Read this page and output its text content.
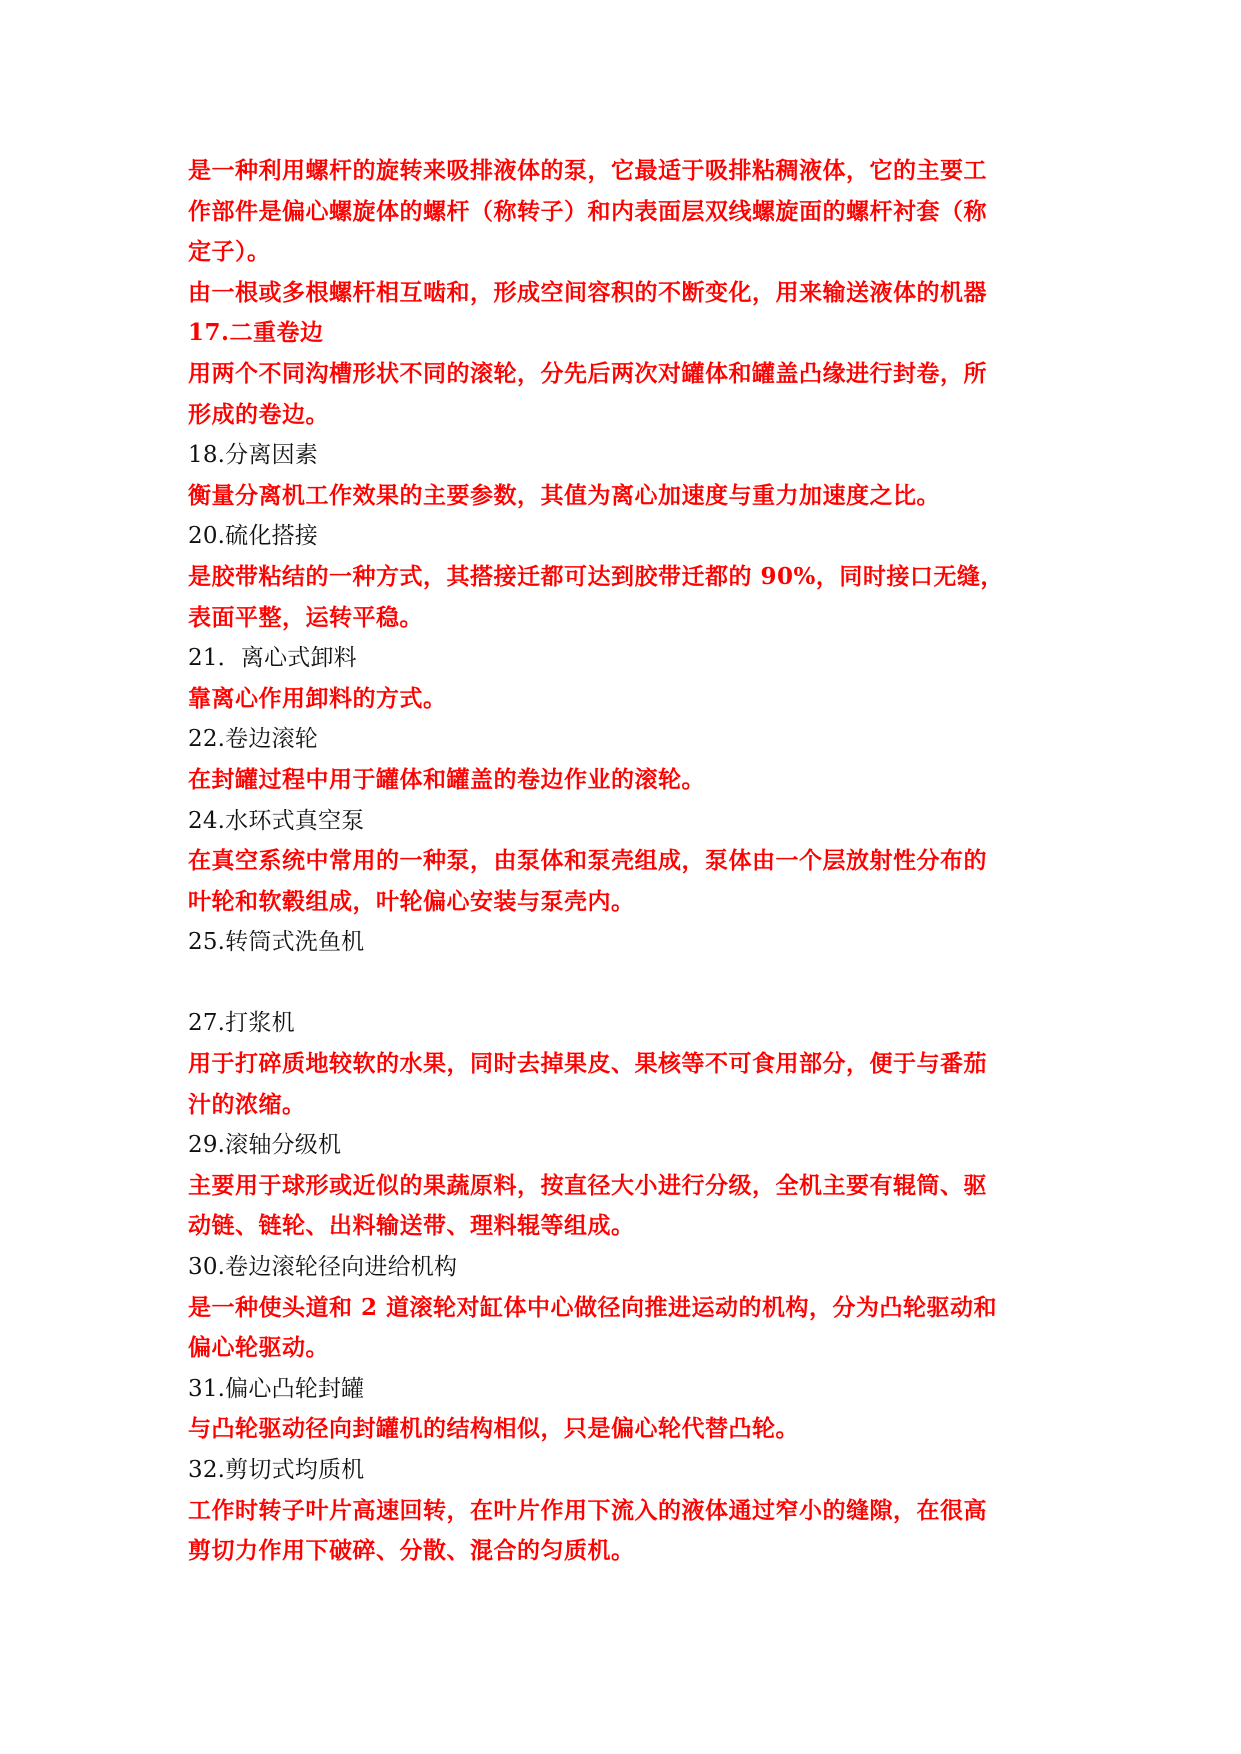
是一种利用螺杆的旋转来吸排液体的泵，它最适于吸排粘稠液体，它的主要工
作部件是偏心螺旋体的螺杆（称转子）和内表面层双线螺旋面的螺杆衬套（称
定子）。
由一根或多根螺杆相互啮和，形成空间容积的不断变化，用来输送液体的机器
17.二重卷边
用两个不同沟槽形状不同的滚轮，分先后两次对罐体和罐盖凸缘进行封卷，所
形成的卷边。
18.分离因素
衡量分离机工作效果的主要参数，其值为离心加速度与重力加速度之比。
20.硫化搭接
是胶带粘结的一种方式，其搭接迁都可达到胶带迁都的 90%，同时接口无缝，
表面平整，运转平稳。
21．离心式卸料
靠离心作用卸料的方式。
22.卷边滚轮
在封罐过程中用于罐体和罐盖的卷边作业的滚轮。
24.水环式真空泵
在真空系统中常用的一种泵，由泵体和泵壳组成，泵体由一个层放射性分布的
叶轮和软毂组成，叶轮偏心安装与泵壳内。
25.转筒式洗鱼机
27.打浆机
用于打碎质地较软的水果，同时去掉果皮、果核等不可食用部分，便于与番茄
汁的浓缩。
29.滚轴分级机
主要用于球形或近似的果蔬原料，按直径大小进行分级，全机主要有辊筒、驱
动链、链轮、出料输送带、理料辊等组成。
30.卷边滚轮径向进给机构
是一种使头道和 2 道滚轮对缸体中心做径向推进运动的机构，分为凸轮驱动和
偏心轮驱动。
31.偏心凸轮封罐
与凸轮驱动径向封罐机的结构相似，只是偏心轮代替凸轮。
32.剪切式均质机
工作时转子叶片高速回转，在叶片作用下流入的液体通过窄小的缝隙，在很高
剪切力作用下破碎、分散、混合的匀质机。
